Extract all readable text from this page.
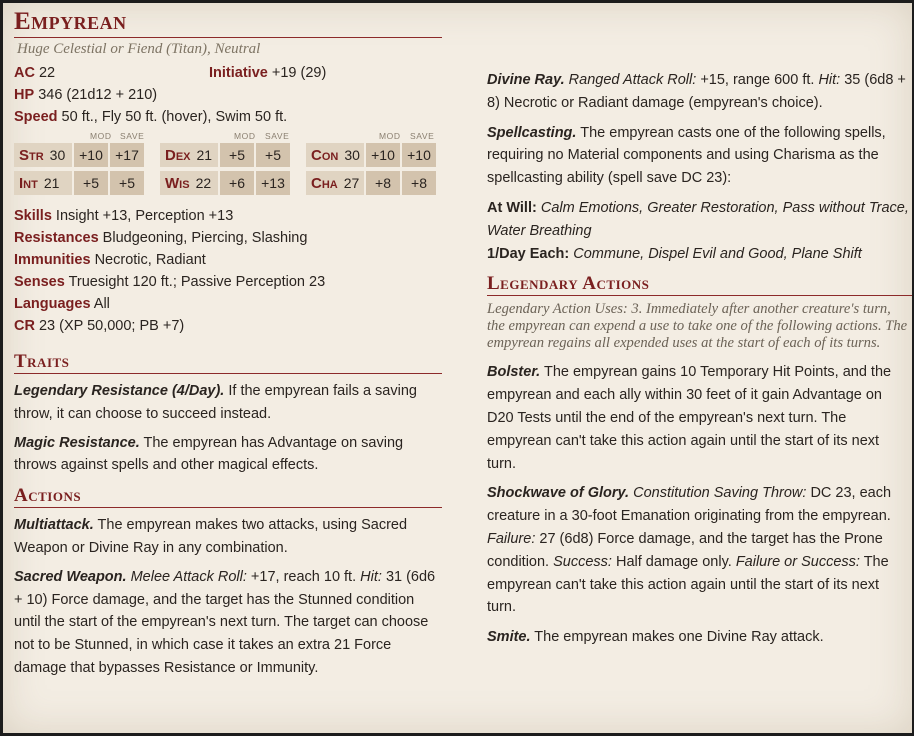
Empyrean
Huge Celestial or Fiend (Titan), Neutral
AC 22	Initiative +19 (29)
HP 346 (21d12 + 210)
Speed 50 ft., Fly 50 ft. (hover), Swim 50 ft.
MOD SAVE	MOD SAVE	MOD SAVE
Str 30 +10 +17	Dex 21	+5	+5	Con 30 +10 +10
Int 21	+5	+5	Wis 22	+6	+13	Cha 27	+8	+8
Skills Insight +13, Perception +13
Resistances Bludgeoning, Piercing, Slashing
Immunities Necrotic, Radiant
Senses Truesight 120 ft.; Passive Perception 23
Languages All
CR 23 (XP 50,000; PB +7)
Traits

Legendary Resistance (4/Day). If the empyrean fails a saving throw, it can choose to succeed instead.

Magic Resistance. The empyrean has Advantage on saving throws against spells and other magical effects.

Actions

Multiattack. The empyrean makes two attacks, using Sacred Weapon or Divine Ray in any combination.

Sacred Weapon. Melee Attack Roll: +17, reach 10 ft. Hit: 31 (6d6 + 10) Force damage, and the target has the Stunned condition until the start of the empyrean's next turn. The target can choose not to be Stunned, in which case it takes an extra 21 Force damage that bypasses Resistance or Immunity.

Divine Ray. Ranged Attack Roll: +15, range 600 ft. Hit: 35 (6d8 + 8) Necrotic or Radiant damage (empyrean's choice).

Spellcasting. The empyrean casts one of the following spells, requiring no Material components and using Charisma as the spellcasting ability (spell save DC 23):

At Will: Calm Emotions, Greater Restoration, Pass without Trace, Water Breathing

1/Day Each: Commune, Dispel Evil and Good, Plane Shift

Legendary Actions

Legendary Action Uses: 3. Immediately after another creature's turn, the empyrean can expend a use to take one of the following actions. The empyrean regains all expended uses at the start of each of its turns.

Bolster. The empyrean gains 10 Temporary Hit Points, and the empyrean and each ally within 30 feet of it gain Advantage on D20 Tests until the end of the empyrean's next turn. The empyrean can't take this action again until the start of its next turn.

Shockwave of Glory. Constitution Saving Throw: DC 23, each creature in a 30-foot Emanation originating from the empyrean. Failure: 27 (6d8) Force damage, and the target has the Prone condition. Success: Half damage only. Failure or Success: The empyrean can't take this action again until the start of its next turn.

Smite. The empyrean makes one Divine Ray attack.
